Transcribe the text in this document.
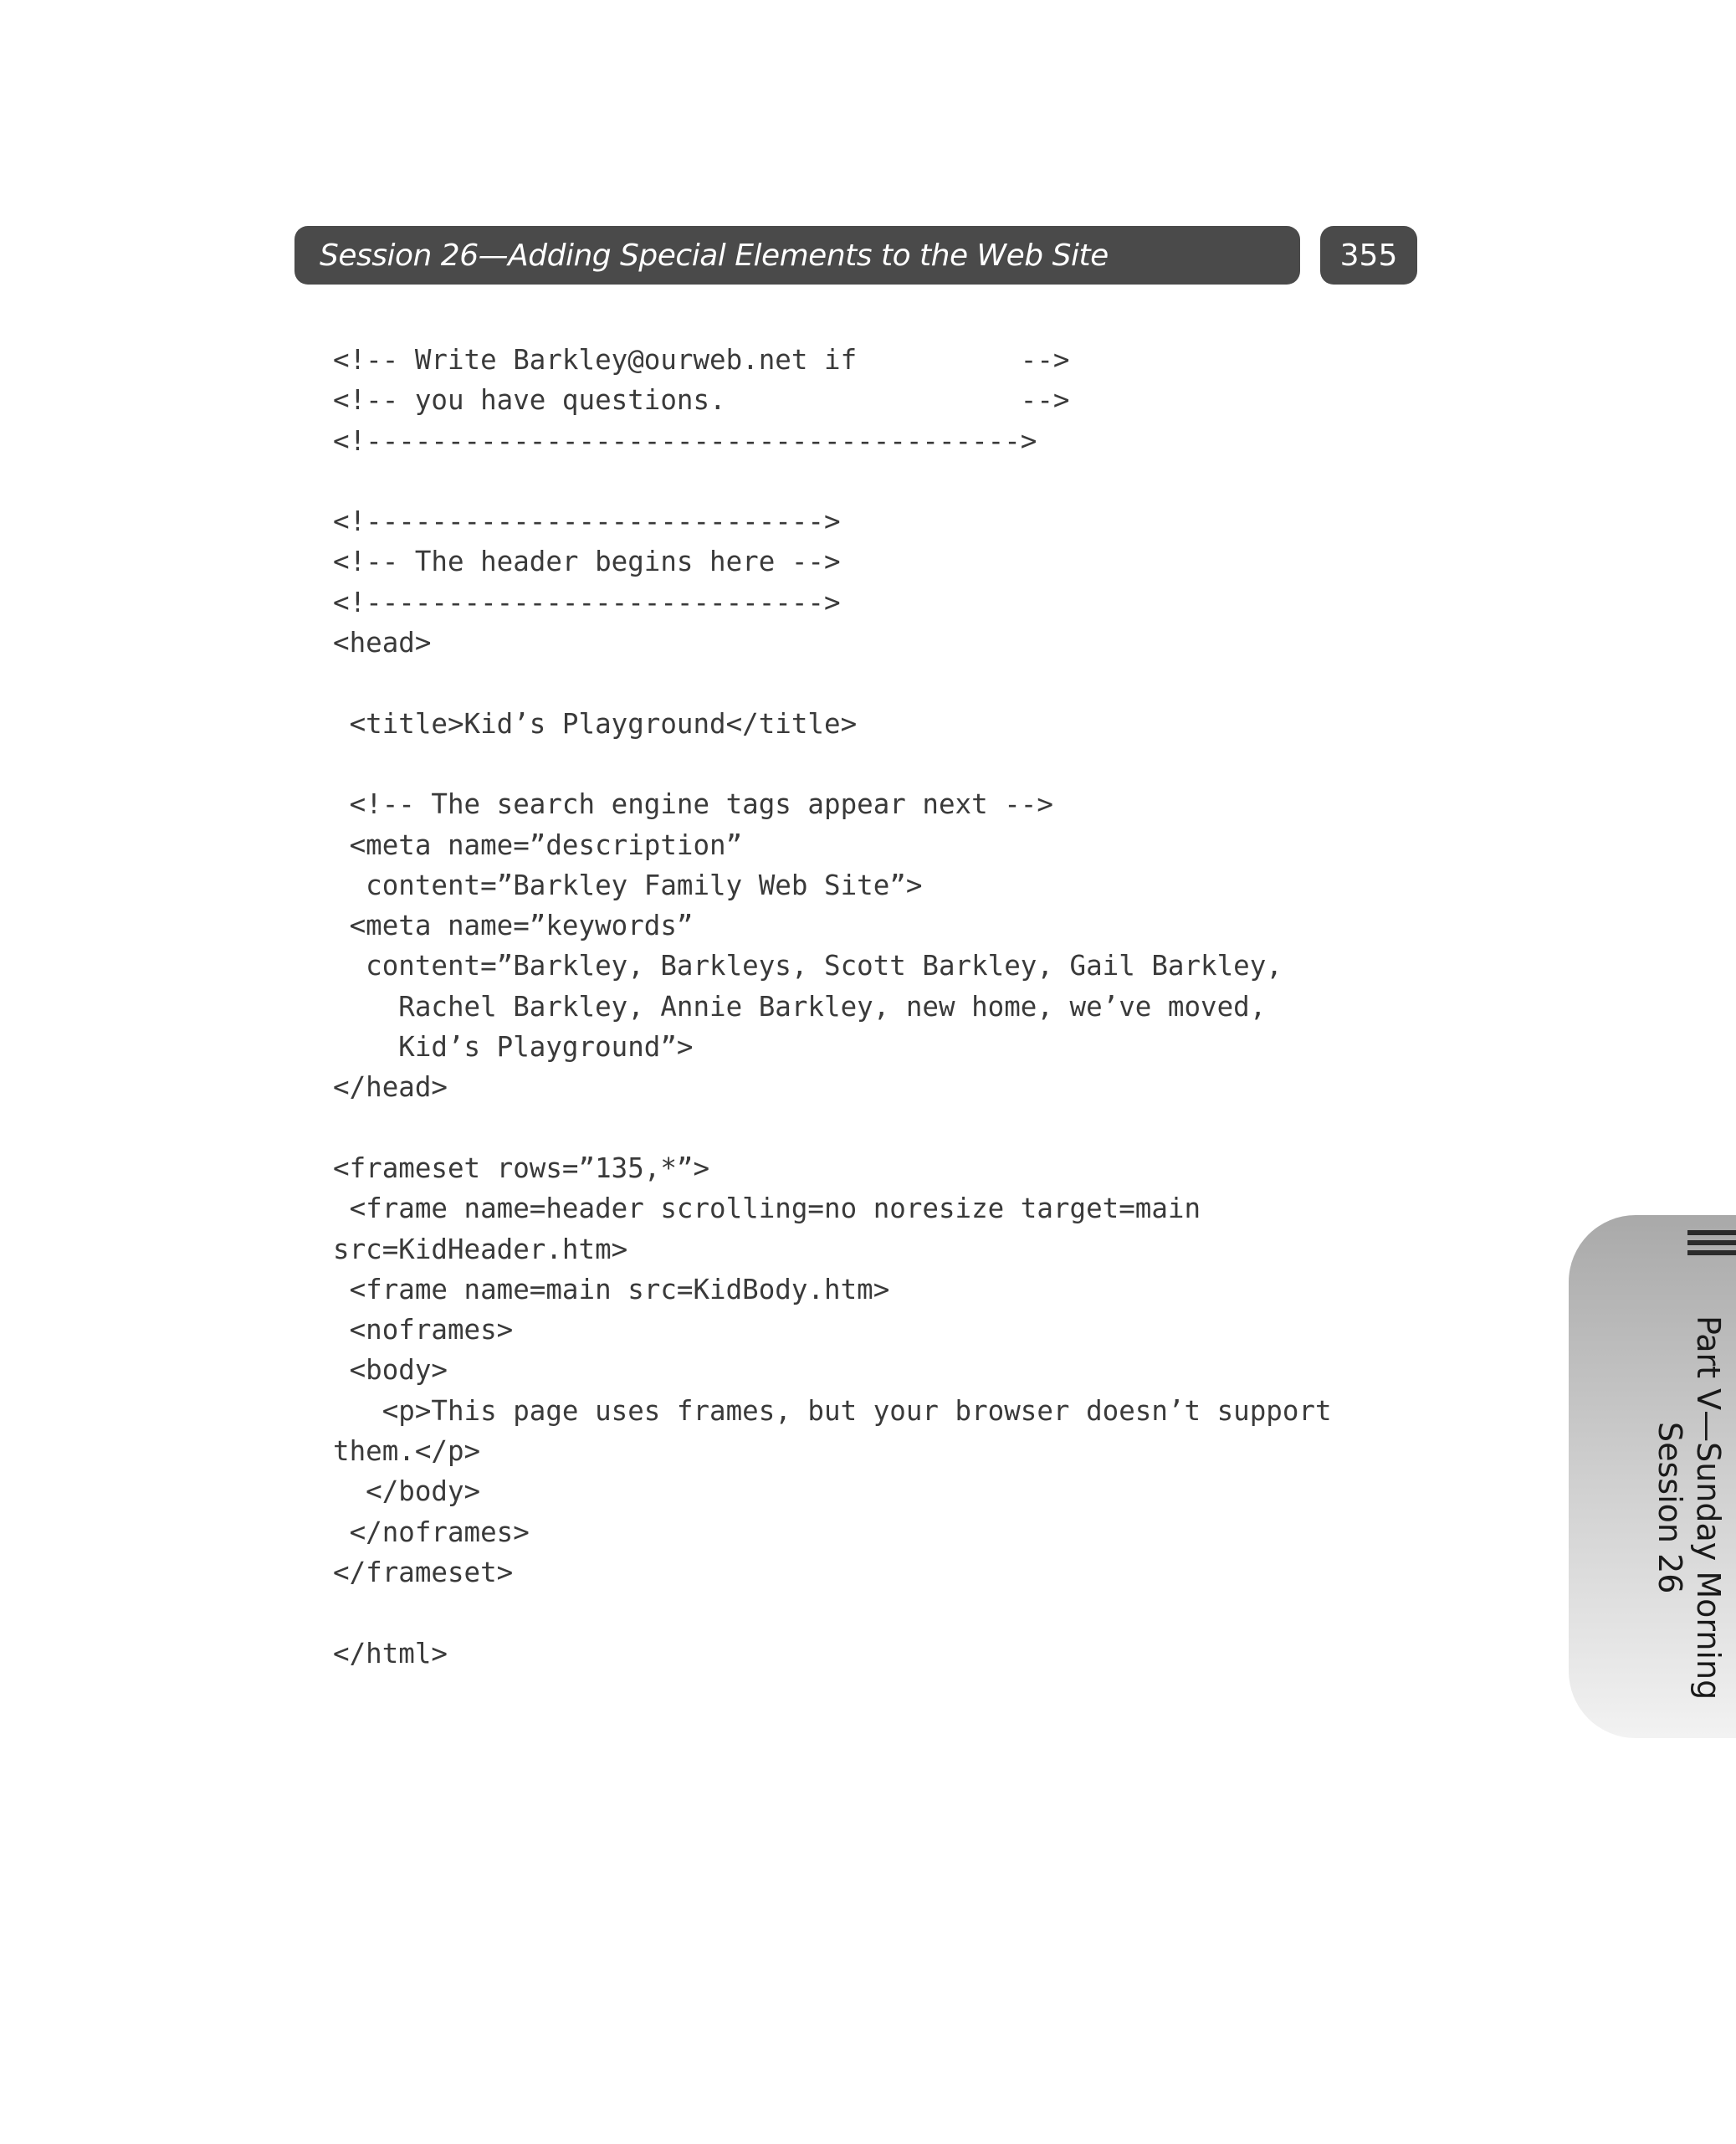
Session 26—Adding Special Elements to the Web Site	355
<!-- Write Barkley@ourweb.net if          -->
<!-- you have questions.                  -->
<!---------------------------------------->
<!---------------------------->
<!-- The header begins here -->
<!---------------------------->
<head>
<title>Kid’s Playground</title>
<!-- The search engine tags appear next -->
<meta name=”description”
content=”Barkley Family Web Site”>
<meta name=”keywords”
content=”Barkley, Barkleys, Scott Barkley, Gail Barkley,
Rachel Barkley, Annie Barkley, new home, we’ve moved,
Kid’s Playground”>
</head>
<frameset rows=”135,*”>
<frame name=header scrolling=no noresize target=main
src=KidHeader.htm>
<frame name=main src=KidBody.htm>
<noframes>
<body>
<p>This page uses frames, but your browser doesn’t support
them.</p>
</body>
</noframes>
</frameset>
</html>	Part V—Sunday Morning
Session 26
